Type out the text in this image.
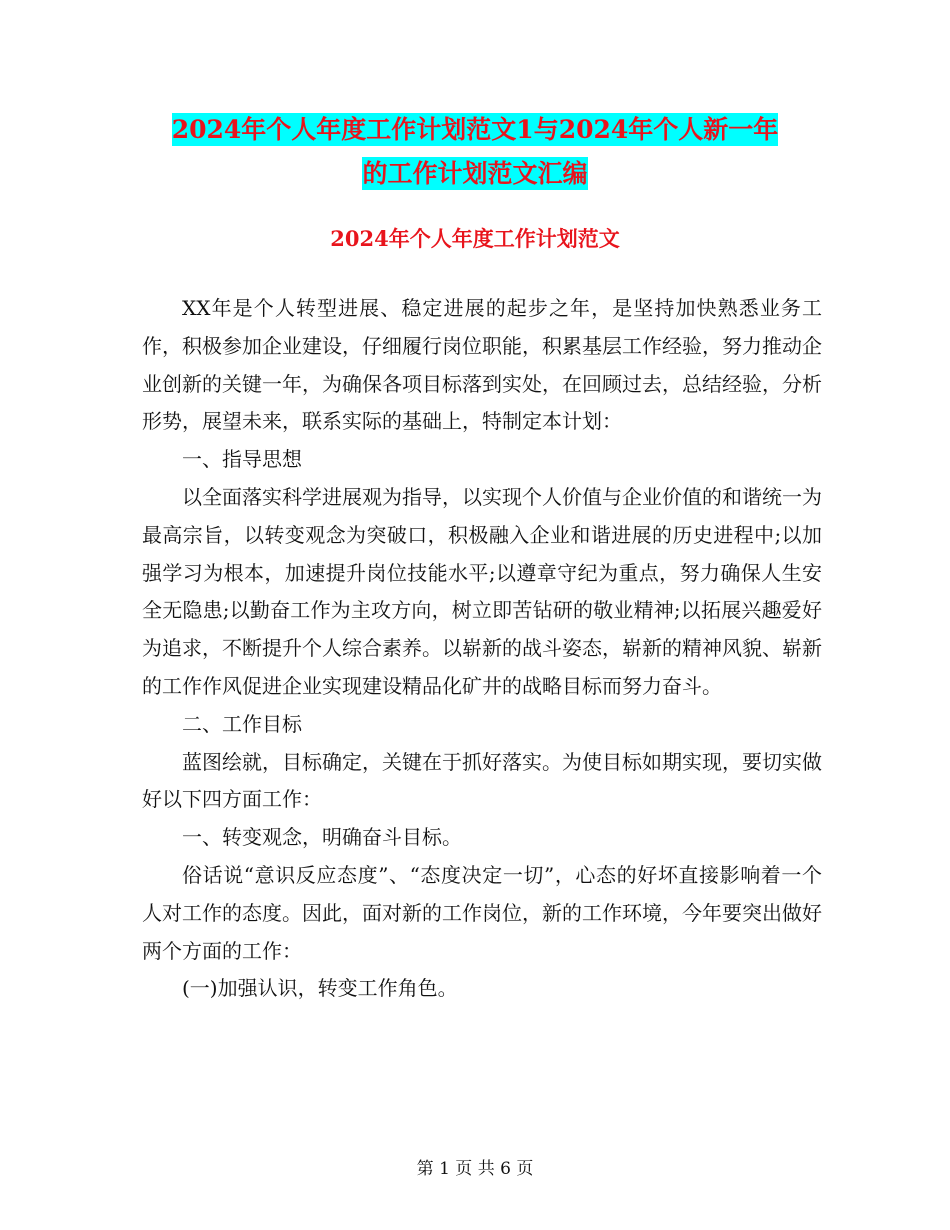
2024年个人年度工作计划范文1与2024年个人新一年
的工作计划范文汇编
2024年个人年度工作计划范文

XX年是个人转型进展、稳定进展的起步之年，是坚持加快熟悉业务工作，积极参加企业建设，仔细履行岗位职能，积累基层工作经验，努力推动企业创新的关键一年，为确保各项目标落到实处，在回顾过去，总结经验，分析形势，展望未来，联系实际的基础上，特制定本计划：

一、指导思想

以全面落实科学进展观为指导，以实现个人价值与企业价值的和谐统一为最高宗旨，以转变观念为突破口，积极融入企业和谐进展的历史进程中;以加强学习为根本，加速提升岗位技能水平;以遵章守纪为重点，努力确保人生安全无隐患;以勤奋工作为主攻方向，树立即苦钻研的敬业精神;以拓展兴趣爱好为追求，不断提升个人综合素养。以崭新的战斗姿态，崭新的精神风貌、崭新的工作作风促进企业实现建设精品化矿井的战略目标而努力奋斗。

二、工作目标

蓝图绘就，目标确定，关键在于抓好落实。为使目标如期实现，要切实做好以下四方面工作：

一、转变观念，明确奋斗目标。

俗话说“意识反应态度”、“态度决定一切”，心态的好坏直接影响着一个人对工作的态度。因此，面对新的工作岗位，新的工作环境，今年要突出做好两个方面的工作：

(一)加强认识，转变工作角色。

第 1 页 共 6 页
